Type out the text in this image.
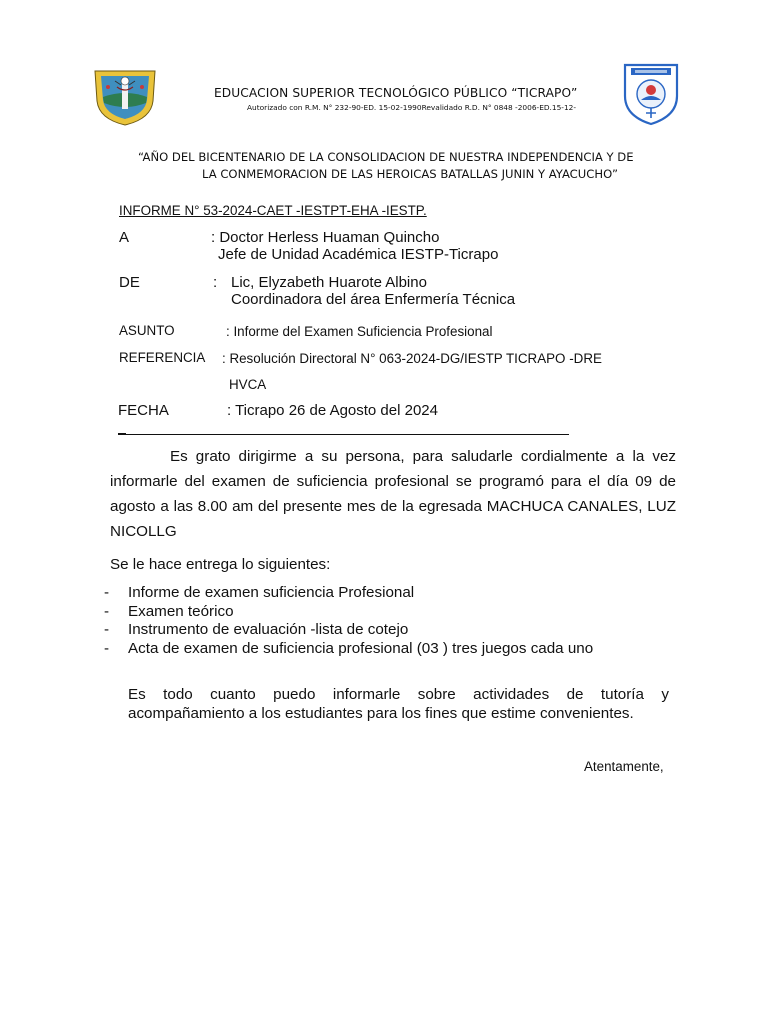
EDUCACION SUPERIOR TECNOLÓGICO PÚBLICO “TICRAPO”
Autorizado con R.M. N° 232-90-ED. 15-02-1990Revalidado R.D. N° 0848 -2006-ED.15-12-
“AÑO DEL BICENTENARIO DE LA CONSOLIDACION DE NUESTRA INDEPENDENCIA Y DE
LA CONMEMORACION DE LAS HEROICAS BATALLAS JUNIN Y AYACUCHO”
INFORME N° 53-2024-CAET -IESTPT-EHA -IESTP.
A	: Doctor Herless Huaman Quincho
Jefe de Unidad Académica IESTP-Ticrapo
DE	: Lic, Elyzabeth Huarote Albino
Coordinadora del área Enfermería Técnica
ASUNTO	: Informe del Examen Suficiencia Profesional
REFERENCIA : Resolución Directoral N° 063-2024-DG/IESTP TICRAPO -DRE
HVCA
FECHA	: Ticrapo 26 de Agosto del 2024
Es grato dirigirme a su persona, para saludarle cordialmente a la vez informarle del examen de suficiencia profesional se programó para el día 09 de agosto a las 8.00 am del presente mes de la egresada MACHUCA CANALES, LUZ NICOLLG
Se le hace entrega lo siguientes:
- Informe de examen suficiencia Profesional
- Examen teórico
- Instrumento de evaluación -lista de cotejo
- Acta de examen de suficiencia profesional (03 ) tres juegos cada uno
Es todo cuanto puedo informarle sobre actividades de tutoría y acompañamiento a los estudiantes para los fines que estime convenientes.
Atentamente,
